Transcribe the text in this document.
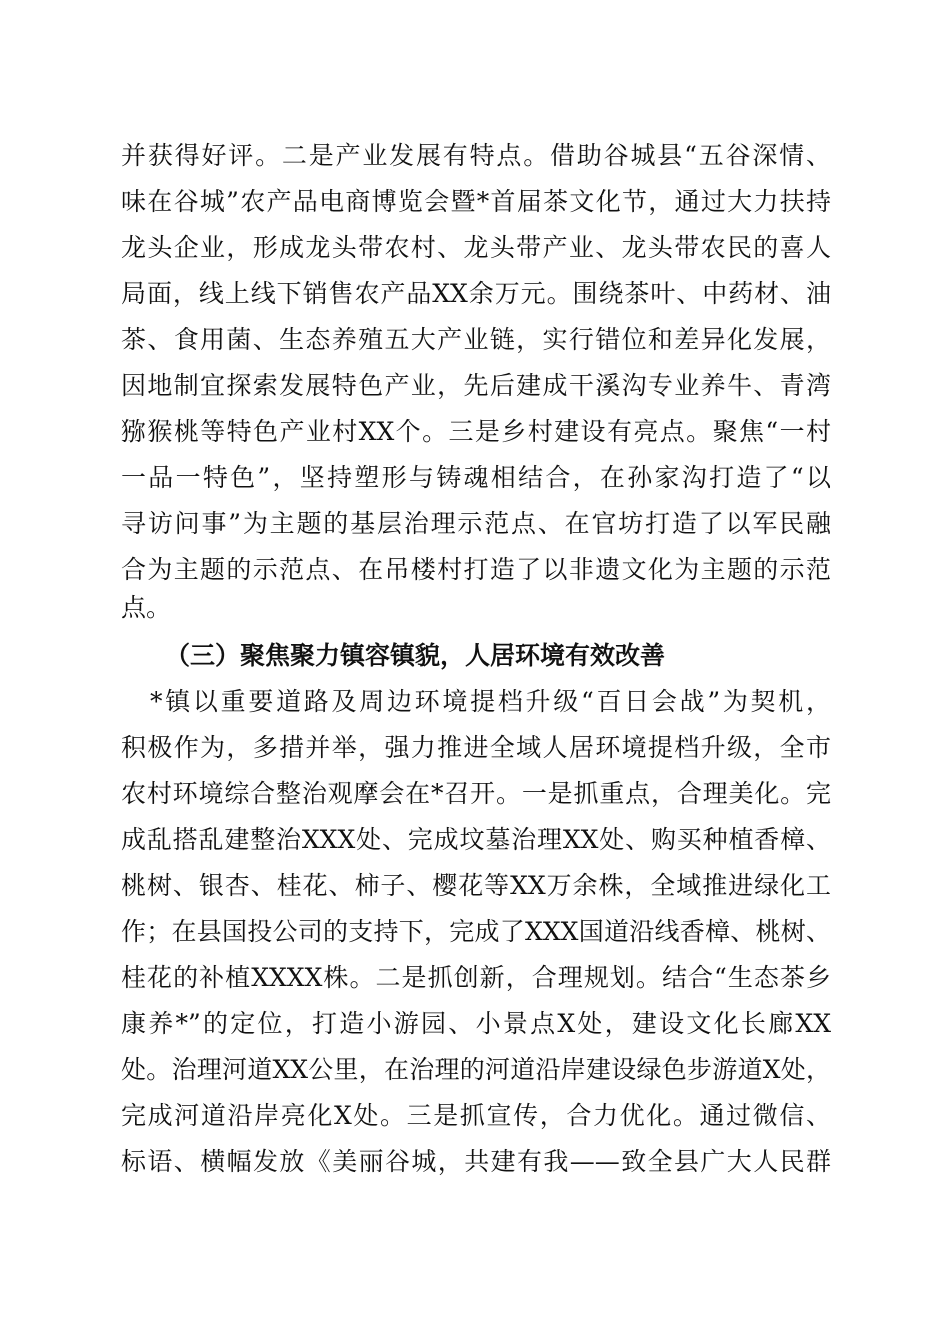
并获得好评。二是产业发展有特点。借助谷城县“五谷深情、
味在谷城”农产品电商博览会暨*首届茶文化节，通过大力扶持
龙头企业，形成龙头带农村、龙头带产业、龙头带农民的喜人
局面，线上线下销售农产品XX余万元。围绕茶叶、中药材、油
茶、食用菌、生态养殖五大产业链，实行错位和差异化发展，
因地制宜探索发展特色产业，先后建成干溪沟专业养牛、青湾
猕猴桃等特色产业村XX个。三是乡村建设有亮点。聚焦“一村
一品一特色”，坚持塑形与铸魂相结合，在孙家沟打造了“以
寻访问事”为主题的基层治理示范点、在官坊打造了以军民融
合为主题的示范点、在吊楼村打造了以非遗文化为主题的示范
点。
（三）聚焦聚力镇容镇貌，人居环境有效改善
*镇以重要道路及周边环境提档升级“百日会战”为契机，
积极作为，多措并举，强力推进全域人居环境提档升级，全市
农村环境综合整治观摩会在*召开。一是抓重点，合理美化。完
成乱搭乱建整治XXX处、完成坟墓治理XX处、购买种植香樟、
桃树、银杏、桂花、柿子、樱花等XX万余株，全域推进绿化工
作；在县国投公司的支持下，完成了XXX国道沿线香樟、桃树、
桂花的补植XXXX株。二是抓创新，合理规划。结合“生态茶乡
康养*”的定位，打造小游园、小景点X处，建设文化长廊XX
处。治理河道XX公里，在治理的河道沿岸建设绿色步游道X处，
完成河道沿岸亮化X处。三是抓宣传，合力优化。通过微信、
标语、横幅发放《美丽谷城，共建有我——致全县广大人民群
